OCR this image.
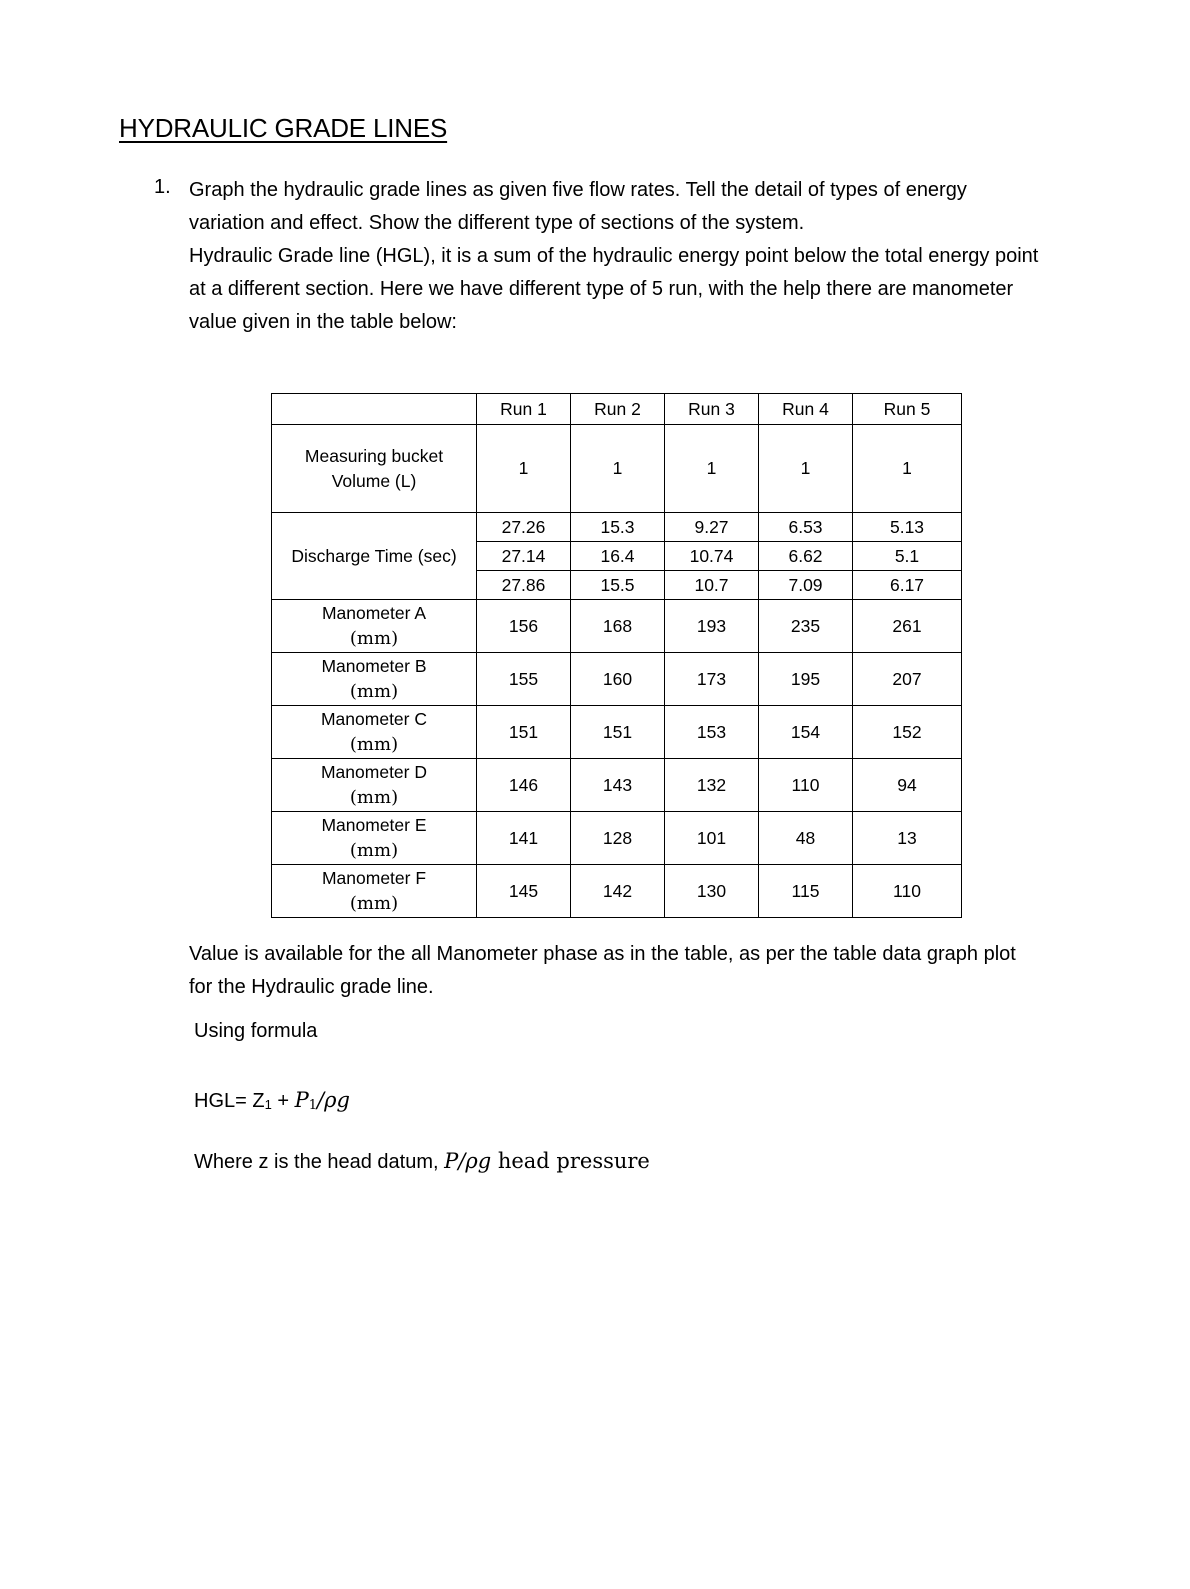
HYDRAULIC GRADE LINES
1. Graph the hydraulic grade lines as given five flow rates. Tell the detail of types of energy
variation and effect. Show the different type of sections of the system.
Hydraulic Grade line (HGL), it is a sum of the hydraulic energy point below the total energy point
at a different section. Here we have different type of 5 run, with the help there are manometer
value given in the table below:

	Run 1	Run 2	Run 3	Run 4	Run 5

Measuring bucket
Volume (L)	1	1	1	1	1
Discharge Time (sec)	27.26	15.3	9.27	6.53	5.13
	27.14	16.4	10.74	6.62	5.1
	27.86	15.5	10.7	7.09	6.17

Manometer A
(mm)	156	168	193	235	261

Manometer B
(mm)	155	160	173	195	207

Manometer C
(mm)	151	151	153	154	152

Manometer D
(mm)	146	143	132	110	94

Manometer E
(mm)	141	128	101	48	13

Manometer F
(mm)	145	142	130	115	110

Value is available for the all Manometer phase as in the table, as per the table data graph plot
for the Hydraulic grade line.

Using formula

HGL= Z1 + P1/ρg
Where z is the head datum, P/ρg head pressure
